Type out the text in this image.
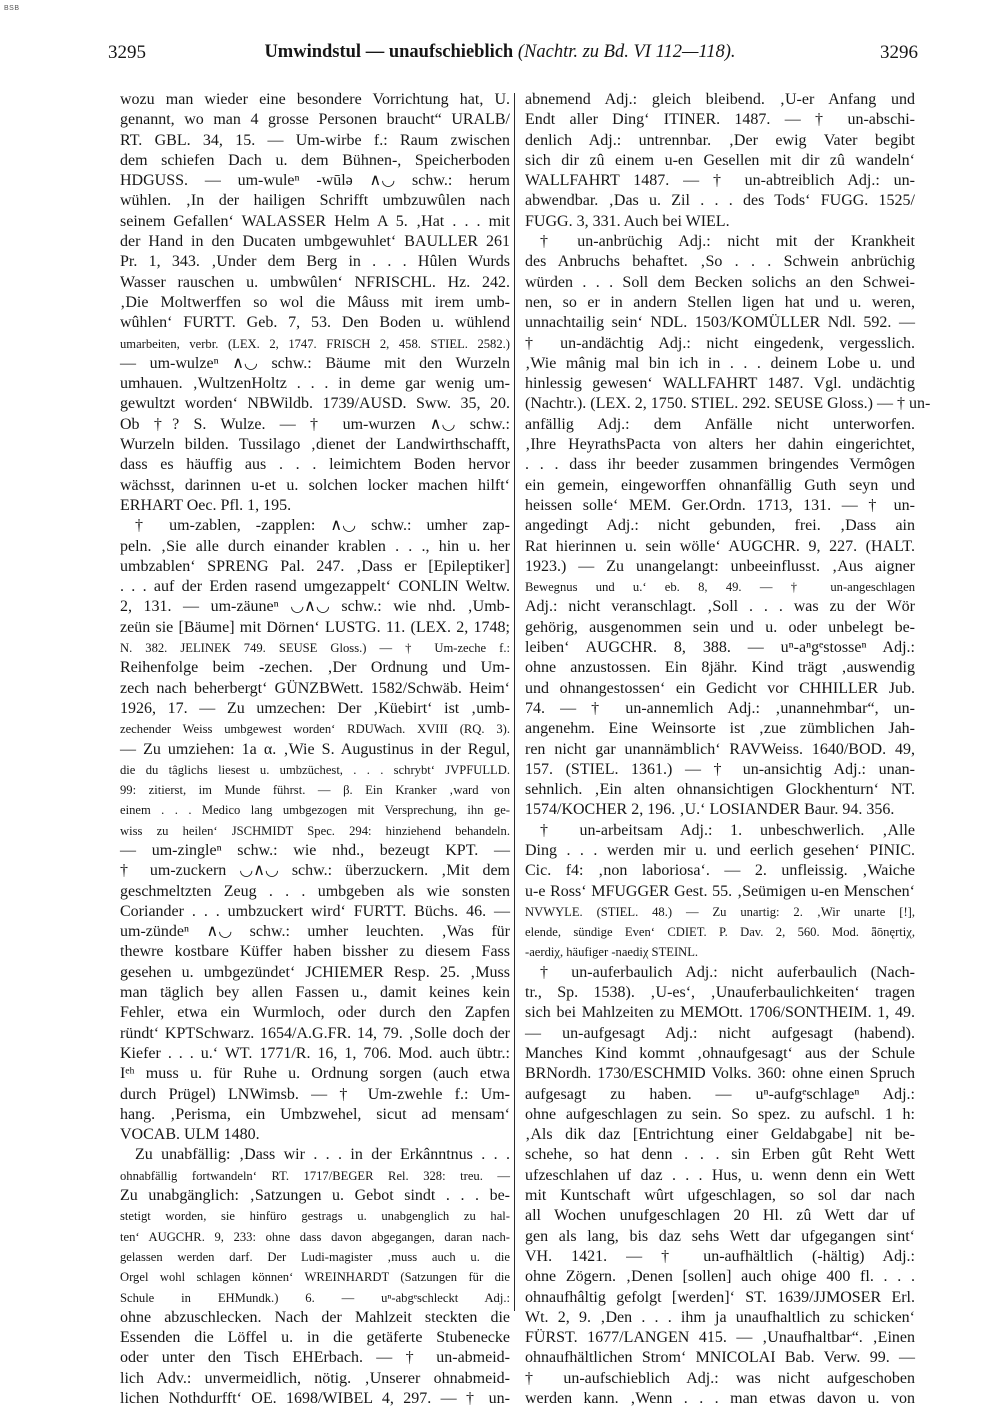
BSB
3295	Umwindstul — unaufschieblich (Nachtr. zu Bd. VI 112—118).	3296
wozu man wieder eine besondere Vorrichtung hat, U.
genannt, wo man 4 grosse Personen braucht“ URALB/
RT. GBL. 34, 15. — Um-wirbe f.: Raum zwischen
dem schiefen Dach u. dem Bühnen-, Speicherboden
HDGUSS. — um-wuleⁿ -wūlə ∧◡ schw.: herum
wühlen. ‚In der hailigen Schrifft umbzuwûlen nach
seinem Gefallen‘ WALASSER Helm A 5. ‚Hat . . . mit
der Hand in den Ducaten umbgewuhlet‘ BAULLER 261
Pr. 1, 343. ‚Under dem Berg in . . . Hûlen Wurds
Wasser rauschen u. umbwûlen‘ NFRISCHL. Hz. 242.
‚Die Moltwerffen so wol die Mâuss mit irem umb-
wûhlen‘ FURTT. Geb. 7, 53. Den Boden u. wühlend
umarbeiten, verbr. (LEX. 2, 1747. FRISCH 2, 458. STIEL. 2582.)
— um-wulzeⁿ ∧◡ schw.: Bäume mit den Wurzeln
umhauen. ‚WultzenHoltz . . . in deme gar wenig um-
gewultzt worden‘ NBWildb. 1739/AUSD. Sww. 35, 20.
Ob †? S. Wulze. — † um-wurzen ∧◡ schw.:
Wurzeln bilden. Tussilago ‚dienet der Landwirthschafft,
dass es häuffig aus . . . leimichtem Boden hervor
wächsst, darinnen u-et u. solchen locker machen hilft‘
ERHART Oec. Pfl. 1, 195.
† um-zablen, -zapplen: ∧◡ schw.: umher zap-
peln. ‚Sie alle durch einander krablen . . ., hin u. her
umbzablen‘ SPRENG Pal. 247. ‚Dass er [Epileptiker]
. . . auf der Erden rasend umgezappelt‘ CONLIN Weltw.
2, 131. — um-zäuneⁿ ◡∧◡ schw.: wie nhd. ‚Umb-
zeün sie [Bäume] mit Dörnen‘ LUSTG. 11. (LEX. 2, 1748;
N. 382. JELINEK 749. SEUSE Gloss.) — † Um-zeche f.:
Reihenfolge beim -zechen. ‚Der Ordnung und Um-
zech nach beherbergt‘ GÜNZBWett. 1582/Schwäb. Heim‘
1926, 17. — Zu umzechen: Der ‚Küebirt‘ ist ‚umb-
zechender Weiss umbgewest worden‘ RDUWach. XVIII (RQ. 3).
— Zu umziehen: 1a α. ‚Wie S. Augustinus in der Regul,
die du tâglichs liesest u. umbzüchest, . . . schrybt‘ JVPFULLD.
99: zitierst, im Munde führst. — β. Ein Kranker ‚ward von
einem . . . Medico lang umbgezogen mit Versprechung, ihn ge-
wiss zu heilen‘ JSCHMIDT Spec. 294: hinziehend behandeln.
— um-zingleⁿ schw.: wie nhd., bezeugt KPT. —
† um-zuckern ◡∧◡ schw.: überzuckern. ‚Mit dem
geschmeltzten Zeug . . . umbgeben als wie sonsten
Coriander . . . umbzuckert wird‘ FURTT. Büchs. 46. —
um-zündeⁿ ∧◡ schw.: umher leuchten. ‚Was für
thewre kostbare Küffer haben bissher zu diesem Fass
gesehen u. umbgezündet‘ JCHIEMER Resp. 25. ‚Muss
man täglich bey allen Fassen u., damit keines kein
Fehler, etwa ein Wurmloch, oder durch den Zapfen
ründt‘ KPTSchwarz. 1654/A.G.FR. 14, 79. ‚Solle doch der
Kiefer . . . u.‘ WT. 1771/R. 16, 1, 706. Mod. auch übtr.:
Iᵉʰ muss u. für Ruhe u. Ordnung sorgen (auch etwa
durch Prügel) LNWimsb. — † Um-zwehle f.: Um-
hang. ‚Perisma, ein Umbzwehel, sicut ad mensam‘
VOCAB. ULM 1480.
Zu unabfällig: ‚Dass wir . . . in der Erkânntnus . . .
ohnabfällig fortwandeln‘ RT. 1717/BEGER Rel. 328: treu. —
Zu unabgänglich: ‚Satzungen u. Gebot sindt . . . be-
stetigt worden, sie hinfüro gestrags u. unabgenglich zu hal-
ten‘ AUGCHR. 9, 233: ohne dass davon abgegangen, daran nach-
gelassen werden darf. Der Ludi-magister ‚muss auch u. die
Orgel wohl schlagen können‘ WREINHARDT (Satzungen für die
Schule in EHMundk.) 6. — uⁿ-abgᵉschleckt Adj.:
ohne abzuschlecken. Nach der Mahlzeit steckten die
Essenden die Löffel u. in die getäferte Stubenecke
oder unter den Tisch EHErbach. — † un-abmeid-
lich Adv.: unvermeidlich, nötig. ‚Unserer ohnabmeid-
lichen Nothdurfft‘ OE. 1698/WIBEL 4, 297. — † un-
abnemend Adj.: gleich bleibend. ‚U-er Anfang und
Endt aller Ding‘ ITINER. 1487. — † un-abschi-
denlich Adj.: untrennbar. ‚Der ewig Vater begibt
sich dir zû einem u-en Gesellen mit dir zû wandeln‘
WALLFAHRT 1487. — † un-abtreiblich Adj.: un-
abwendbar. ‚Das u. Zil . . . des Tods‘ FUGG. 1525/
FUGG. 3, 331. Auch bei WIEL.
† un-anbrüchig Adj.: nicht mit der Krankheit
des Anbruchs behaftet. ‚So . . . Schwein anbrüchig
würden . . . Soll dem Becken solichs an den Schwei-
nen, so er in andern Stellen ligen hat und u. weren,
unnachtailig sein‘ NDL. 1503/KOMÜLLER Ndl. 592. —
† un-andächtig Adj.: nicht eingedenk, vergesslich.
‚Wie mânig mal bin ich in . . . deinem Lobe u. und
hinlessig gewesen‘ WALLFAHRT 1487. Vgl. undächtig
(Nachtr.). (LEX. 2, 1750. STIEL. 292. SEUSE Gloss.) — † un-
anfällig Adj.: dem Anfälle nicht unterworfen.
‚Ihre HeyrathsPacta von alters her dahin eingerichtet,
. . . dass ihr beeder zusammen bringendes Vermôgen
ein gemein, eingeworffen ohnanfällig Guth seyn und
heissen solle‘ MEM. Ger.Ordn. 1713, 131. — † un-
angedingt Adj.: nicht gebunden, frei. ‚Dass ain
Rat hierinnen u. sein wölle‘ AUGCHR. 9, 227. (HALT.
1923.) — Zu unangelangt: unbeeinflusst. ‚Aus aigner
Bewegnus und u.‘ eb. 8, 49. — † un-angeschlagen
Adj.: nicht veranschlagt. ‚Soll . . . was zu der Wör
gehörig, ausgenommen sein und u. oder unbelegt be-
leiben‘ AUGCHR. 8, 388. — uⁿ-aⁿgᵉstosseⁿ Adj.:
ohne anzustossen. Ein 8jähr. Kind trägt ‚auswendig
und ohnangestossen‘ ein Gedicht vor CHHILLER Jub.
74. — † un-annemlich Adj.: ‚unannehmbar“, un-
angenehm. Eine Weinsorte ist ‚zue zümblichen Jah-
ren nicht gar unannämblich‘ RAVWeiss. 1640/BOD. 49,
157. (STIEL. 1361.) — † un-ansichtig Adj.: unan-
sehnlich. ‚Ein alten ohnansichtigen Glockhenturn‘ NT.
1574/KOCHER 2, 196. ‚U.‘ LOSIANDER Baur. 94. 356.
† un-arbeitsam Adj.: 1. unbeschwerlich. ‚Alle
Ding . . . werden mir u. und eerlich gesehen‘ PINIC.
Cic. f4: ‚non laboriosa‘. — 2. unfleissig. ‚Waiche
u-e Ross‘ MFUGGER Gest. 55. ‚Seümigen u-en Menschen‘
NVWYLE. (STIEL. 48.) — Zu unartig: 2. ‚Wir unarte [!],
elende, sündige Even‘ CDIET. P. Dav. 2, 560. Mod. ǟōnęrtiχ,
-aerdiχ, häufiger -naediχ STEINL.
† un-auferbaulich Adj.: nicht auferbaulich (Nach-
tr., Sp. 1538). ‚U-es‘, ‚Unauferbaulichkeiten‘ tragen
sich bei Mahlzeiten zu MEMOtt. 1706/SONTHEIM. 1, 49.
— un-aufgesagt Adj.: nicht aufgesagt (habend).
Manches Kind kommt ‚ohnaufgesagt‘ aus der Schule
BRNordh. 1730/ESCHMID Volks. 360: ohne einen Spruch
aufgesagt zu haben. — uⁿ-aufgᵉschlageⁿ Adj.:
ohne aufgeschlagen zu sein. So spez. zu aufschl. 1 h:
‚Als dik daz [Entrichtung einer Geldabgabe] nit be-
schehe, so hat denn . . . sin Erben gût Reht Wett
ufzeschlahen uf daz . . . Hus, u. wenn denn ein Wett
mit Kuntschaft wûrt ufgeschlagen, so sol dar nach
all Wochen unufgeschlagen 20 Hl. zû Wett dar uf
gen als lang, bis daz sehs Wett dar ufgegangen sint‘
VH. 1421. — † un-aufhältlich (-hältig) Adj.:
ohne Zögern. ‚Denen [sollen] auch ohige 400 fl. . . .
ohnaufhâltig gefolgt [werden]‘ ST. 1639/JJMOSER Erl.
Wt. 2, 9. ‚Den . . . ihm ja unaufhaltlich zu schicken‘
FÜRST. 1677/LANGEN 415. — ‚Unaufhaltbar“. ‚Einen
ohnaufhältlichen Strom‘ MNICOLAI Bab. Verw. 99. —
† un-aufschieblich Adj.: was nicht aufgeschoben
werden kann. ‚Wenn . . . man etwas davon u. von
